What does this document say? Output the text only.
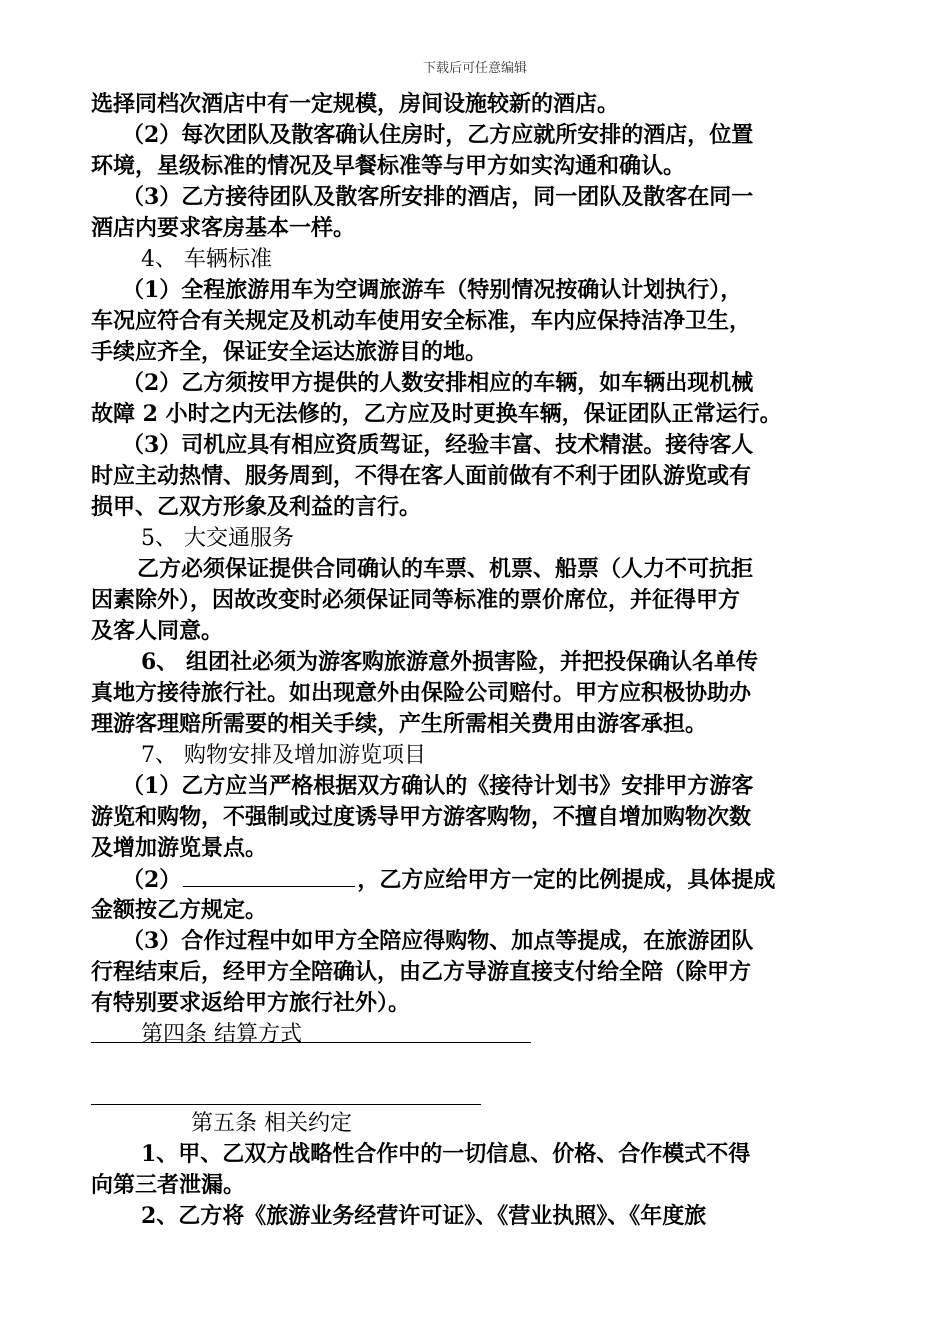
下载后可任意编辑
选择同档次酒店中有一定规模，房间设施较新的酒店。
（2）每次团队及散客确认住房时，乙方应就所安排的酒店，位置
环境，星级标准的情况及早餐标准等与甲方如实沟通和确认。
（3）乙方接待团队及散客所安排的酒店，同一团队及散客在同一
酒店内要求客房基本一样。
4、 车辆标准
（1）全程旅游用车为空调旅游车（特别情况按确认计划执行），
车况应符合有关规定及机动车使用安全标准，车内应保持洁净卫生，
手续应齐全，保证安全运达旅游目的地。
（2）乙方须按甲方提供的人数安排相应的车辆，如车辆出现机械
故障 2 小时之内无法修的，乙方应及时更换车辆，保证团队正常运行。
（3）司机应具有相应资质驾证，经验丰富、技术精湛。接待客人
时应主动热情、服务周到，不得在客人面前做有不利于团队游览或有
损甲、乙双方形象及利益的言行。
5、 大交通服务
乙方必须保证提供合同确认的车票、机票、船票（人力不可抗拒
因素除外），因故改变时必须保证同等标准的票价席位，并征得甲方
及客人同意。
6、 组团社必须为游客购旅游意外损害险，并把投保确认名单传
真地方接待旅行社。如出现意外由保险公司赔付。甲方应积极协助办
理游客理赔所需要的相关手续，产生所需相关费用由游客承担。
7、 购物安排及增加游览项目
（1）乙方应当严格根据双方确认的《接待计划书》安排甲方游客
游览和购物，不强制或过度诱导甲方游客购物，不擅自增加购物次数
及增加游览景点。
（2）	，乙方应给甲方一定的比例提成，具体提成
金额按乙方规定。
（3）合作过程中如甲方全陪应得购物、加点等提成，在旅游团队
行程结束后，经甲方全陪确认，由乙方导游直接支付给全陪（除甲方
有特别要求返给甲方旅行社外）。
第四条 结算方式
第五条 相关约定
1、甲、乙双方战略性合作中的一切信息、价格、合作模式不得
向第三者泄漏。
2、乙方将《旅游业务经营许可证》、《营业执照》、《年度旅
